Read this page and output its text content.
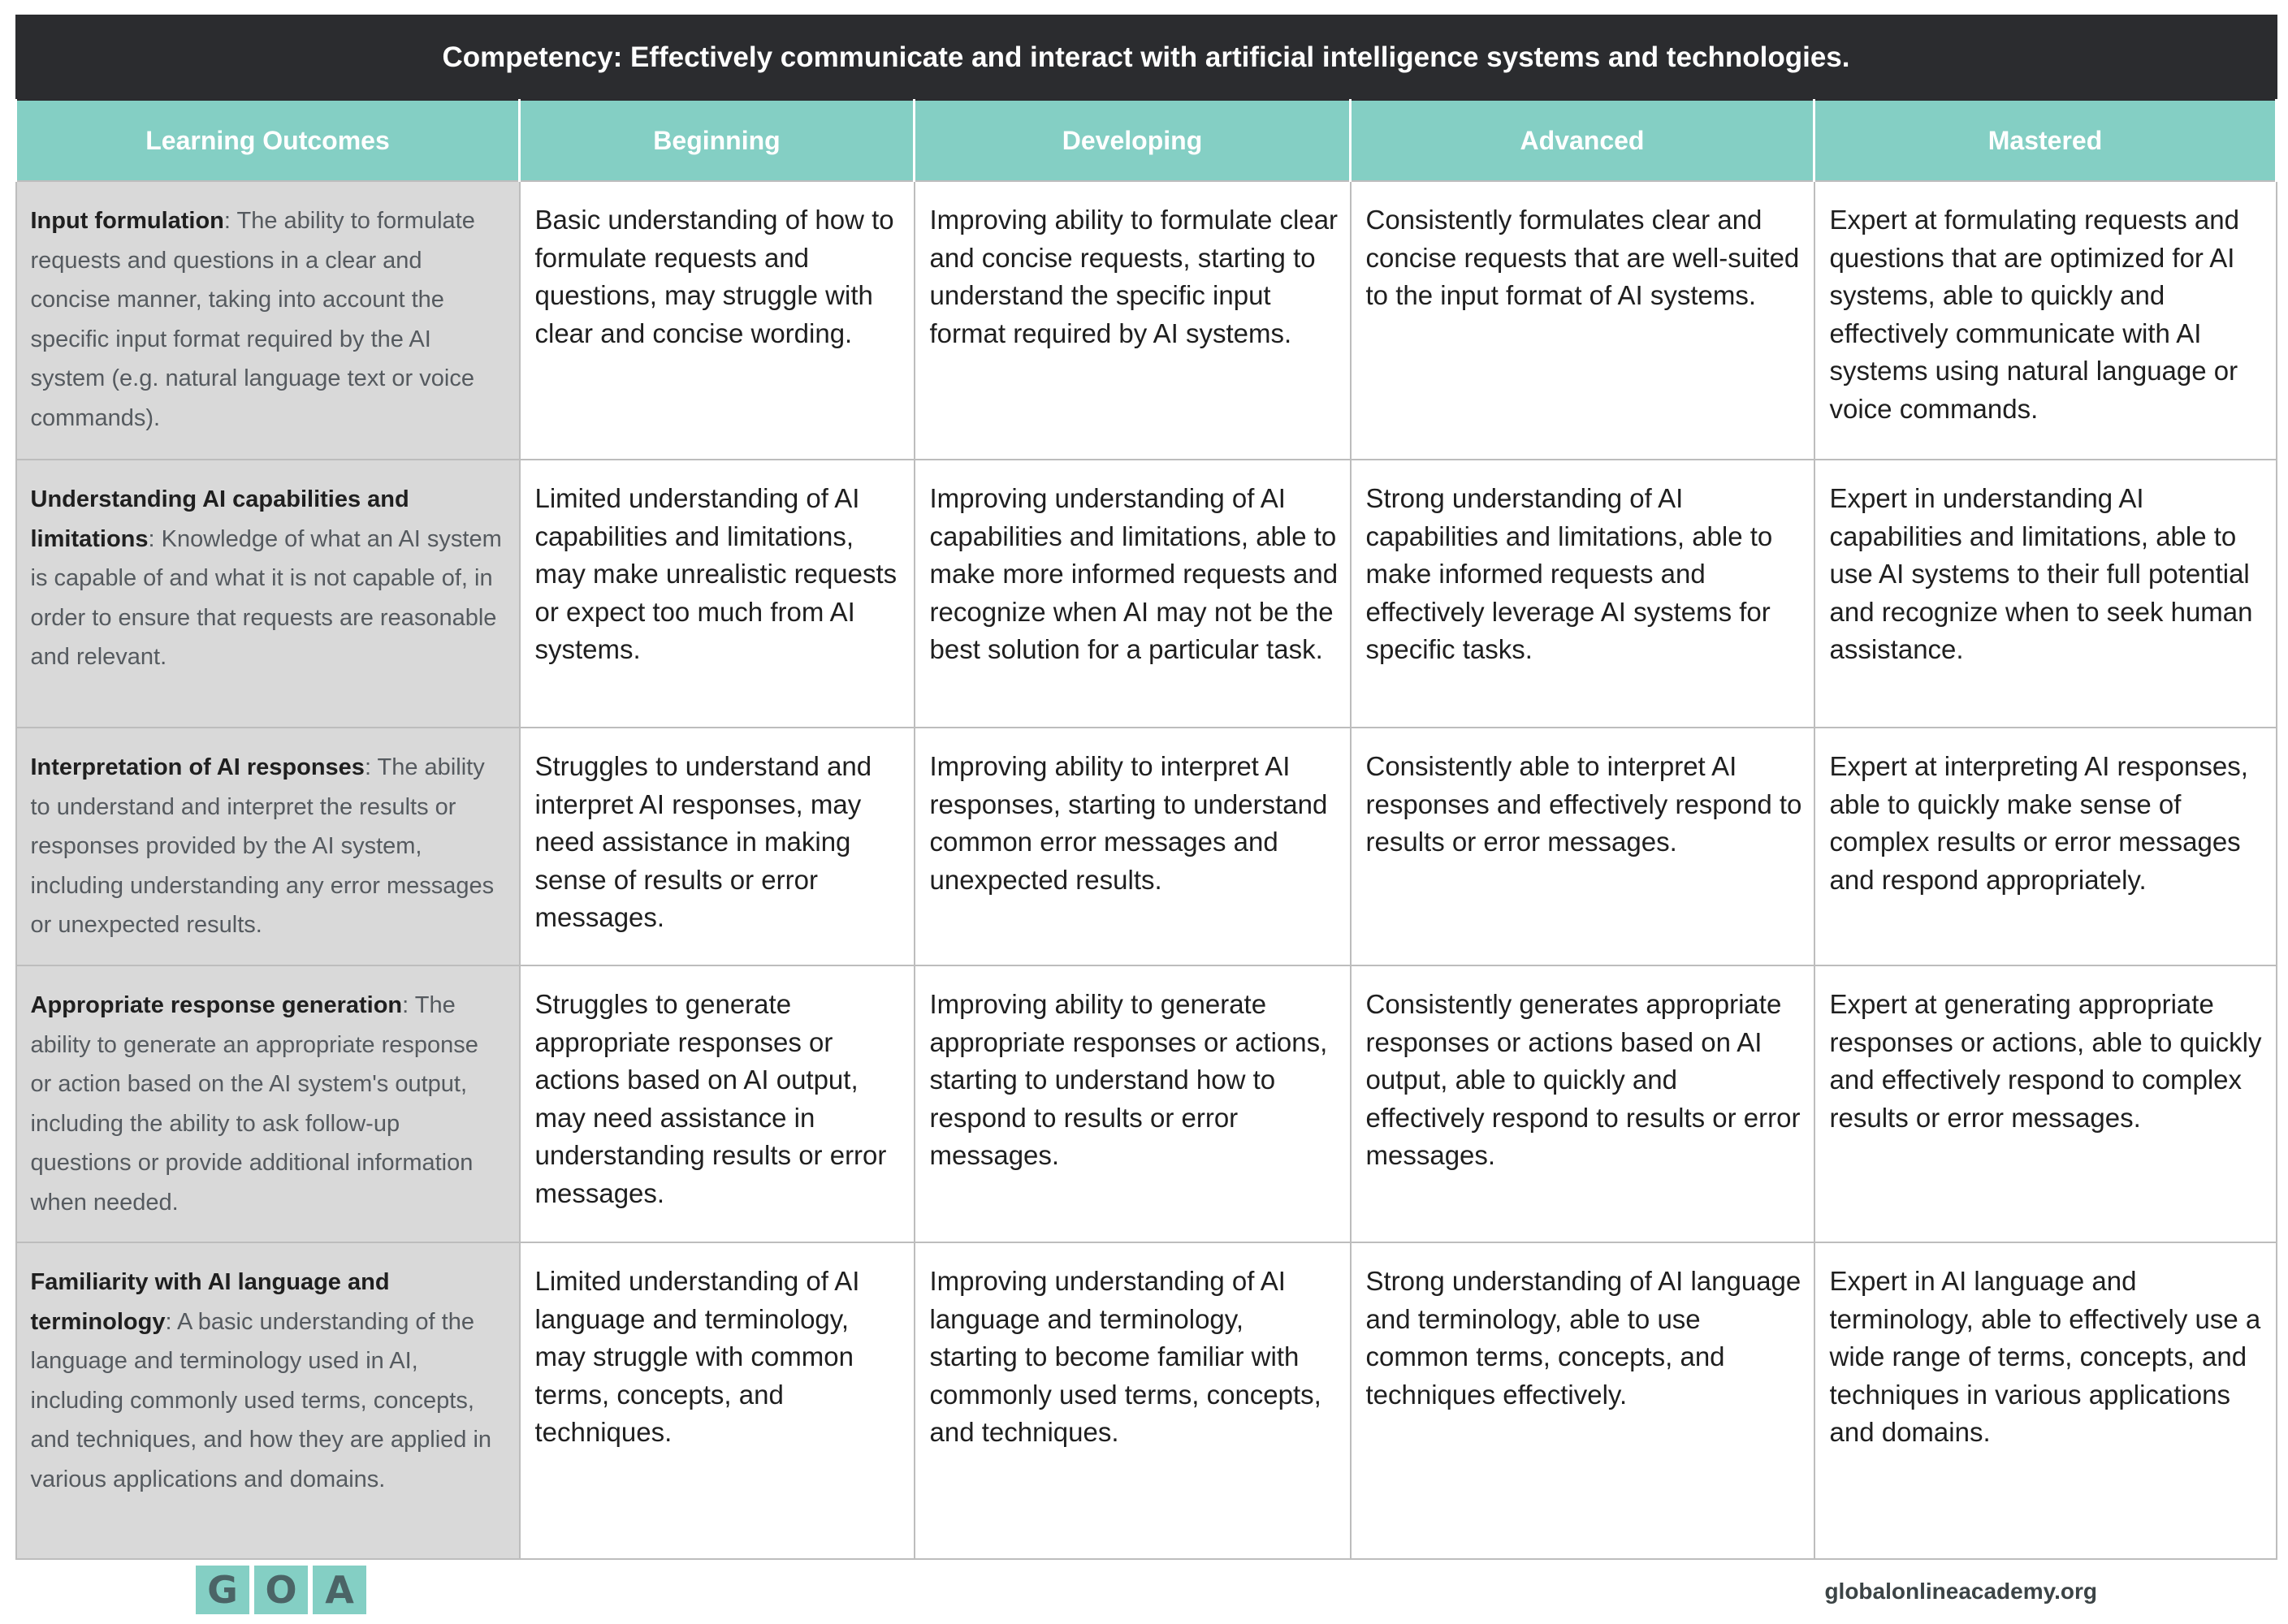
Competency: Effectively communicate and interact with artificial intelligence systems and technologies.				
Learning Outcomes	Beginning	Developing	Advanced	Mastered
Input formulation: The ability to formulate requests and questions in a clear and concise manner, taking into account the specific input format required by the AI system (e.g. natural language text or voice commands).	Basic understanding of how to formulate requests and questions, may struggle with clear and concise wording.	Improving ability to formulate clear and concise requests, starting to understand the specific input format required by AI systems.	Consistently formulates clear and concise requests that are well-suited to the input format of AI systems.	Expert at formulating requests and questions that are optimized for AI systems, able to quickly and effectively communicate with AI systems using natural language or voice commands.
Understanding AI capabilities and limitations: Knowledge of what an AI system is capable of and what it is not capable of, in order to ensure that requests are reasonable and relevant.	Limited understanding of AI capabilities and limitations, may make unrealistic requests or expect too much from AI systems.	Improving understanding of AI capabilities and limitations, able to make more informed requests and recognize when AI may not be the best solution for a particular task.	Strong understanding of AI capabilities and limitations, able to make informed requests and effectively leverage AI systems for specific tasks.	Expert in understanding AI capabilities and limitations, able to use AI systems to their full potential and recognize when to seek human assistance.
Interpretation of AI responses: The ability to understand and interpret the results or responses provided by the AI system, including understanding any error messages or unexpected results.	Struggles to understand and interpret AI responses, may need assistance in making sense of results or error messages.	Improving ability to interpret AI responses, starting to understand common error messages and unexpected results.	Consistently able to interpret AI responses and effectively respond to results or error messages.	Expert at interpreting AI responses, able to quickly make sense of complex results or error messages and respond appropriately.
Appropriate response generation: The ability to generate an appropriate response or action based on the AI system's output, including the ability to ask follow-up questions or provide additional information when needed.	Struggles to generate appropriate responses or actions based on AI output, may need assistance in understanding results or error messages.	Improving ability to generate appropriate responses or actions, starting to understand how to respond to results or error messages.	Consistently generates appropriate responses or actions based on AI output, able to quickly and effectively respond to results or error messages.	Expert at generating appropriate responses or actions, able to quickly and effectively respond to complex results or error messages.
Familiarity with AI language and terminology: A basic understanding of the language and terminology used in AI, including commonly used terms, concepts, and techniques, and how they are applied in various applications and domains.	Limited understanding of AI language and terminology, may struggle with common terms, concepts, and techniques.	Improving understanding of AI language and terminology, starting to become familiar with commonly used terms, concepts, and techniques.	Strong understanding of AI language and terminology, able to use common terms, concepts, and techniques effectively.	Expert in AI language and terminology, able to effectively use a wide range of terms, concepts, and techniques in various applications and domains.
G O A	globalonlineacademy.org
